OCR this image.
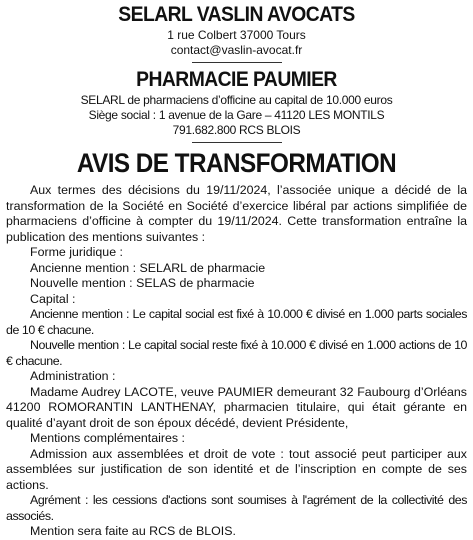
SELARL VASLIN AVOCATS
1 rue Colbert 37000 Tours
contact@vaslin-avocat.fr
PHARMACIE PAUMIER
SELARL de pharmaciens d’officine au capital de 10.000 euros
Siège social : 1 avenue de la Gare – 41120 LES MONTILS
791.682.800 RCS BLOIS
AVIS DE TRANSFORMATION

Aux termes des décisions du 19/11/2024, l’associée unique a décidé de la transformation de la Société en Société d’exercice libéral par actions simplifiée de pharmaciens d’officine à compter du 19/11/2024. Cette transformation entraîne la publication des mentions suivantes :

Forme juridique :

Ancienne mention : SELARL de pharmacie

Nouvelle mention : SELAS de pharmacie

Capital :

Ancienne mention : Le capital social est fixé à 10.000 € divisé en 1.000 parts sociales de 10 € chacune.

Nouvelle mention : Le capital social reste fixé à 10.000 € divisé en 1.000 actions de 10 € chacune.

Administration :

Madame Audrey LACOTE, veuve PAUMIER demeurant 32 Faubourg d’Orléans 41200 ROMORANTIN LANTHENAY, pharmacien titulaire, qui était gérante en qualité d’ayant droit de son époux décédé, devient Présidente,

Mentions complémentaires :

Admission aux assemblées et droit de vote : tout associé peut participer aux assemblées sur justification de son identité et de l’inscription en compte de ses actions.

Agrément : les cessions d'actions sont soumises à l'agrément de la collectivité des associés.

Mention sera faite au RCS de BLOIS.
